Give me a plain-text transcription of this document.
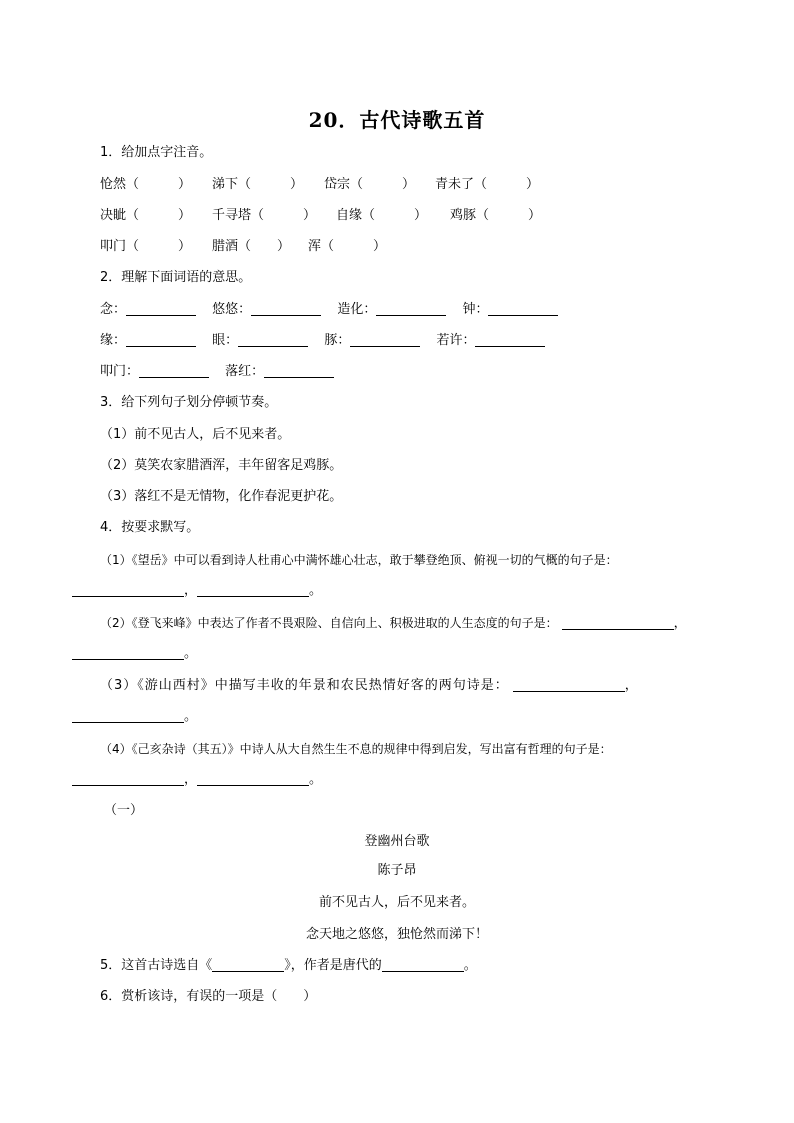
20．古代诗歌五首
1．给加点字注音。
怆然（　　　） 涕下（　　　） 岱宗（　　　） 青未了（　　　）
决眦（　　　） 千寻塔（　　　） 自缘（　　　） 鸡豚（　　　）
叩门（　　　） 腊酒（　　） 浑（　　　）
2．理解下面词语的意思。
念：	悠悠：	造化：	钟：
缘：	眼：	豚：	若许：
叩门：	落红：
3．给下列句子划分停顿节奏。
（1）前不见古人，后不见来者。
（2）莫笑农家腊酒浑，丰年留客足鸡豚。
（3）落红不是无情物，化作春泥更护花。
4．按要求默写。
（1）《望岳》中可以看到诗人杜甫心中满怀雄心壮志，敢于攀登绝顶、俯视一切的气概的句子是：
，	。
（2）《登飞来峰》中表达了作者不畏艰险、自信向上、积极进取的人生态度的句子是：	，
。
（3）《游山西村》中描写丰收的年景和农民热情好客的两句诗是：	，
。
（4）《己亥杂诗（其五）》中诗人从大自然生生不息的规律中得到启发，写出富有哲理的句子是：
，	。
（一）
登幽州台歌
陈子昂
前不见古人，后不见来者。
念天地之悠悠，独怆然而涕下！
5．这首古诗选自《	》，作者是唐代的	。
6．赏析该诗，有误的一项是（　　）
